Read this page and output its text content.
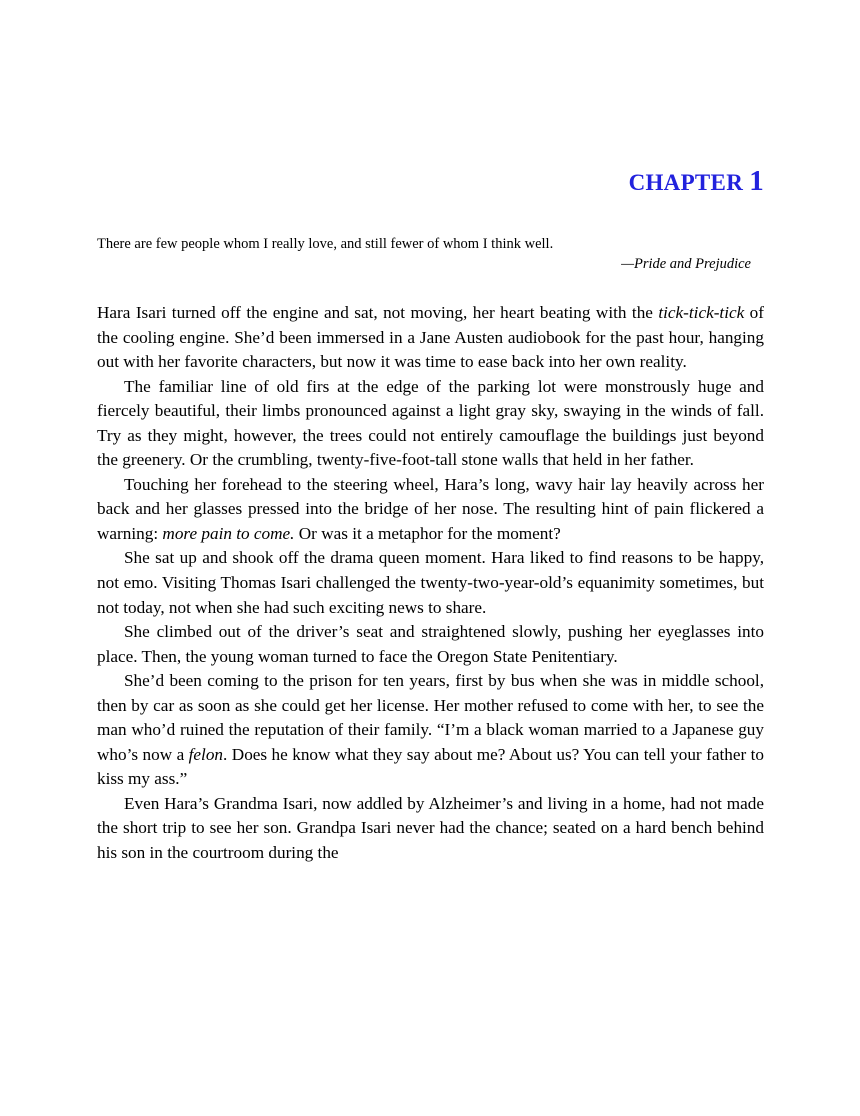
CHAPTER 1
There are few people whom I really love, and still fewer of whom I think well.
—Pride and Prejudice

Hara Isari turned off the engine and sat, not moving, her heart beating with the tick-tick-tick of the cooling engine. She’d been immersed in a Jane Austen audiobook for the past hour, hanging out with her favorite characters, but now it was time to ease back into her own reality.

The familiar line of old firs at the edge of the parking lot were monstrously huge and fiercely beautiful, their limbs pronounced against a light gray sky, swaying in the winds of fall. Try as they might, however, the trees could not entirely camouflage the buildings just beyond the greenery. Or the crumbling, twenty-five-foot-tall stone walls that held in her father.

Touching her forehead to the steering wheel, Hara’s long, wavy hair lay heavily across her back and her glasses pressed into the bridge of her nose. The resulting hint of pain flickered a warning: more pain to come. Or was it a metaphor for the moment?

She sat up and shook off the drama queen moment. Hara liked to find reasons to be happy, not emo. Visiting Thomas Isari challenged the twenty-two-year-old’s equanimity sometimes, but not today, not when she had such exciting news to share.

She climbed out of the driver’s seat and straightened slowly, pushing her eyeglasses into place. Then, the young woman turned to face the Oregon State Penitentiary.

She’d been coming to the prison for ten years, first by bus when she was in middle school, then by car as soon as she could get her license. Her mother refused to come with her, to see the man who’d ruined the reputation of their family. “I’m a black woman married to a Japanese guy who’s now a felon. Does he know what they say about me? About us? You can tell your father to kiss my ass.”

Even Hara’s Grandma Isari, now addled by Alzheimer’s and living in a home, had not made the short trip to see her son. Grandpa Isari never had the chance; seated on a hard bench behind his son in the courtroom during the
